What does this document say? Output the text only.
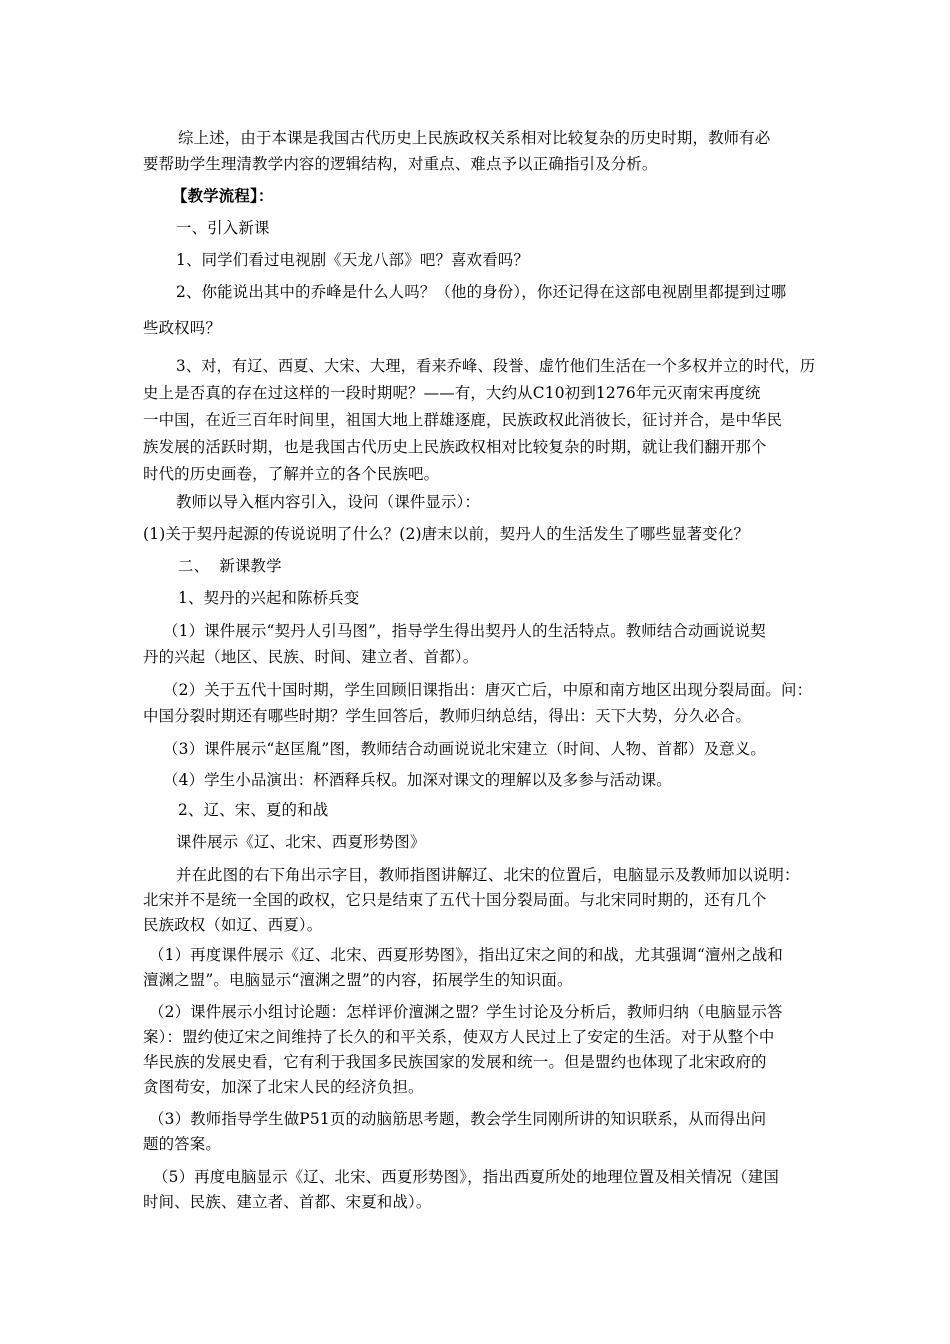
综上述，由于本课是我国古代历史上民族政权关系相对比较复杂的历史时期，教师有必
要帮助学生理清教学内容的逻辑结构，对重点、难点予以正确指引及分析。
【教学流程】：
一、引入新课
1、同学们看过电视剧《天龙八部》吧？喜欢看吗？
2、你能说出其中的乔峰是什么人吗？（他的身份），你还记得在这部电视剧里都提到过哪
些政权吗？
3、对，有辽、西夏、大宋、大理，看来乔峰、段誉、虚竹他们生活在一个多权并立的时代，历
史上是否真的存在过这样的一段时期呢？——有，大约从C10初到1276年元灭南宋再度统
一中国，在近三百年时间里，祖国大地上群雄逐鹿，民族政权此消彼长，征讨并合，是中华民
族发展的活跃时期，也是我国古代历史上民族政权相对比较复杂的时期，就让我们翻开那个
时代的历史画卷，了解并立的各个民族吧。
教师以导入框内容引入，设问（课件显示）：
(1)关于契丹起源的传说说明了什么？(2)唐末以前，契丹人的生活发生了哪些显著变化？
二、  新课教学
1、契丹的兴起和陈桥兵变
（1）课件展示“契丹人引马图”，指导学生得出契丹人的生活特点。教师结合动画说说契
丹的兴起（地区、民族、时间、建立者、首都）。
（2）关于五代十国时期，学生回顾旧课指出：唐灭亡后，中原和南方地区出现分裂局面。问：
中国分裂时期还有哪些时期？学生回答后，教师归纳总结，得出：天下大势，分久必合。
（3）课件展示“赵匡胤”图，教师结合动画说说北宋建立（时间、人物、首都）及意义。
（4）学生小品演出：杯酒释兵权。加深对课文的理解以及多参与活动课。
2、辽、宋、夏的和战
课件展示《辽、北宋、西夏形势图》
并在此图的右下角出示字目，教师指图讲解辽、北宋的位置后，电脑显示及教师加以说明：
北宋并不是统一全国的政权，它只是结束了五代十国分裂局面。与北宋同时期的，还有几个
民族政权（如辽、西夏）。
（1）再度课件展示《辽、北宋、西夏形势图》，指出辽宋之间的和战，尤其强调“澶州之战和
澶渊之盟”。电脑显示“澶渊之盟”的内容，拓展学生的知识面。
（2）课件展示小组讨论题：怎样评价澶渊之盟？学生讨论及分析后，教师归纳（电脑显示答
案）：盟约使辽宋之间维持了长久的和平关系，使双方人民过上了安定的生活。对于从整个中
华民族的发展史看，它有利于我国多民族国家的发展和统一。但是盟约也体现了北宋政府的
贪图苟安，加深了北宋人民的经济负担。
（3）教师指导学生做P51页的动脑筋思考题，教会学生同刚所讲的知识联系，从而得出问
题的答案。
（5）再度电脑显示《辽、北宋、西夏形势图》，指出西夏所处的地理位置及相关情况（建国
时间、民族、建立者、首都、宋夏和战）。
